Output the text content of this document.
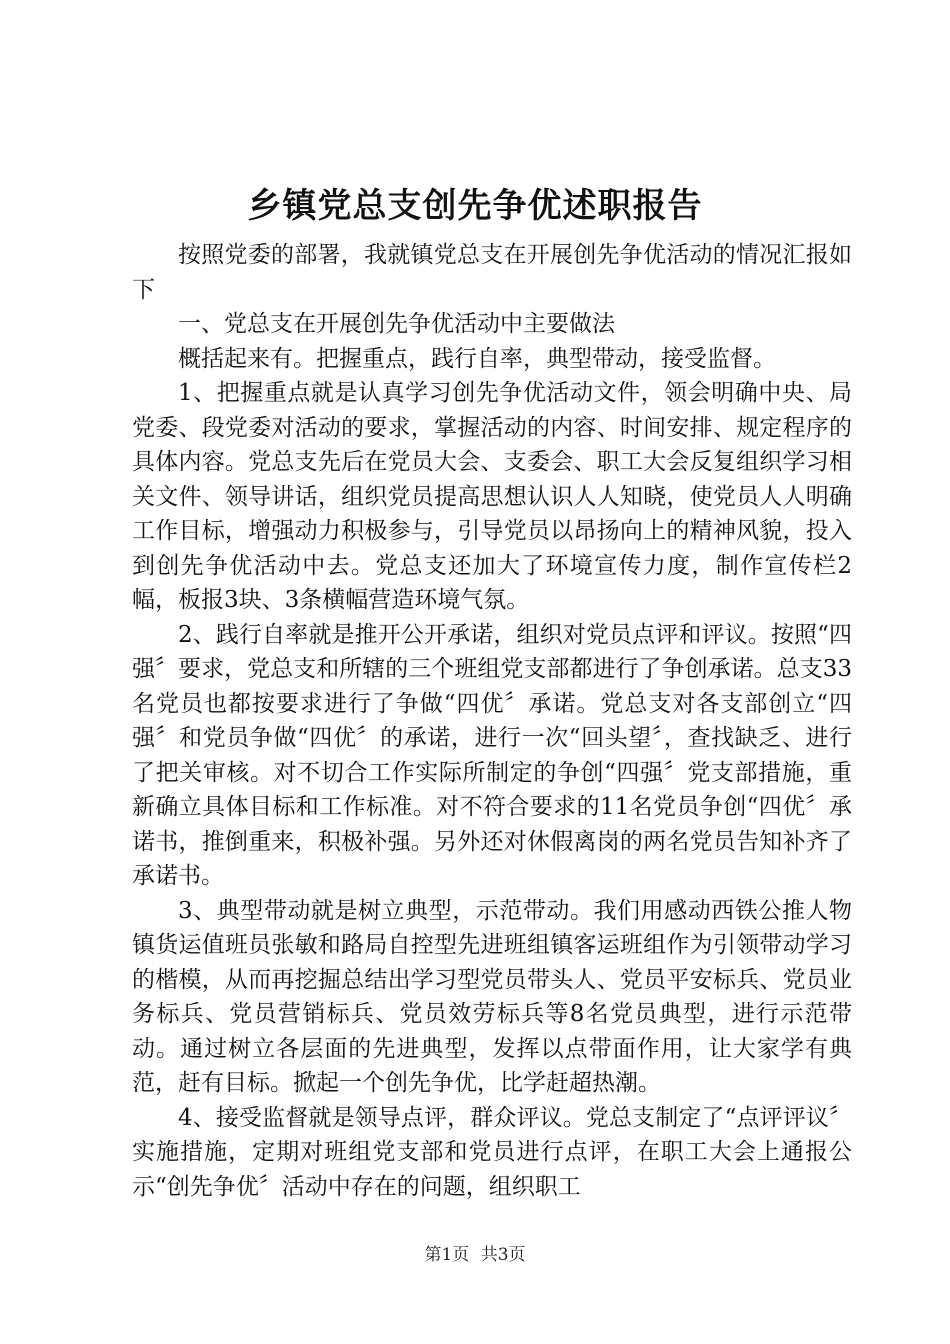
乡镇党总支创先争优述职报告

按照党委的部署，我就镇党总支在开展创先争优活动的情况汇报如下

一、党总支在开展创先争优活动中主要做法

概括起来有。把握重点，践行自率，典型带动，接受监督。

1、把握重点就是认真学习创先争优活动文件，领会明确中央、局党委、段党委对活动的要求，掌握活动的内容、时间安排、规定程序的具体内容。党总支先后在党员大会、支委会、职工大会反复组织学习相关文件、领导讲话，组织党员提高思想认识人人知晓，使党员人人明确工作目标，增强动力积极参与，引导党员以昂扬向上的精神风貌，投入到创先争优活动中去。党总支还加大了环境宣传力度，制作宣传栏2幅，板报3块、3条横幅营造环境气氛。

2、践行自率就是推开公开承诺，组织对党员点评和评议。按照“四强〞要求，党总支和所辖的三个班组党支部都进行了争创承诺。总支33名党员也都按要求进行了争做“四优〞承诺。党总支对各支部创立“四强〞和党员争做“四优〞的承诺，进行一次“回头望〞，查找缺乏、进行了把关审核。对不切合工作实际所制定的争创“四强〞党支部措施，重新确立具体目标和工作标准。对不符合要求的11名党员争创“四优〞承诺书，推倒重来，积极补强。另外还对休假离岗的两名党员告知补齐了承诺书。

3、典型带动就是树立典型，示范带动。我们用感动西铁公推人物镇货运值班员张敏和路局自控型先进班组镇客运班组作为引领带动学习的楷模，从而再挖掘总结出学习型党员带头人、党员平安标兵、党员业务标兵、党员营销标兵、党员效劳标兵等8名党员典型，进行示范带动。通过树立各层面的先进典型，发挥以点带面作用，让大家学有典范，赶有目标。掀起一个创先争优，比学赶超热潮。

4、接受监督就是领导点评，群众评议。党总支制定了“点评评议〞实施措施，定期对班组党支部和党员进行点评，在职工大会上通报公示“创先争优〞活动中存在的问题，组织职工

第1页 共3页
